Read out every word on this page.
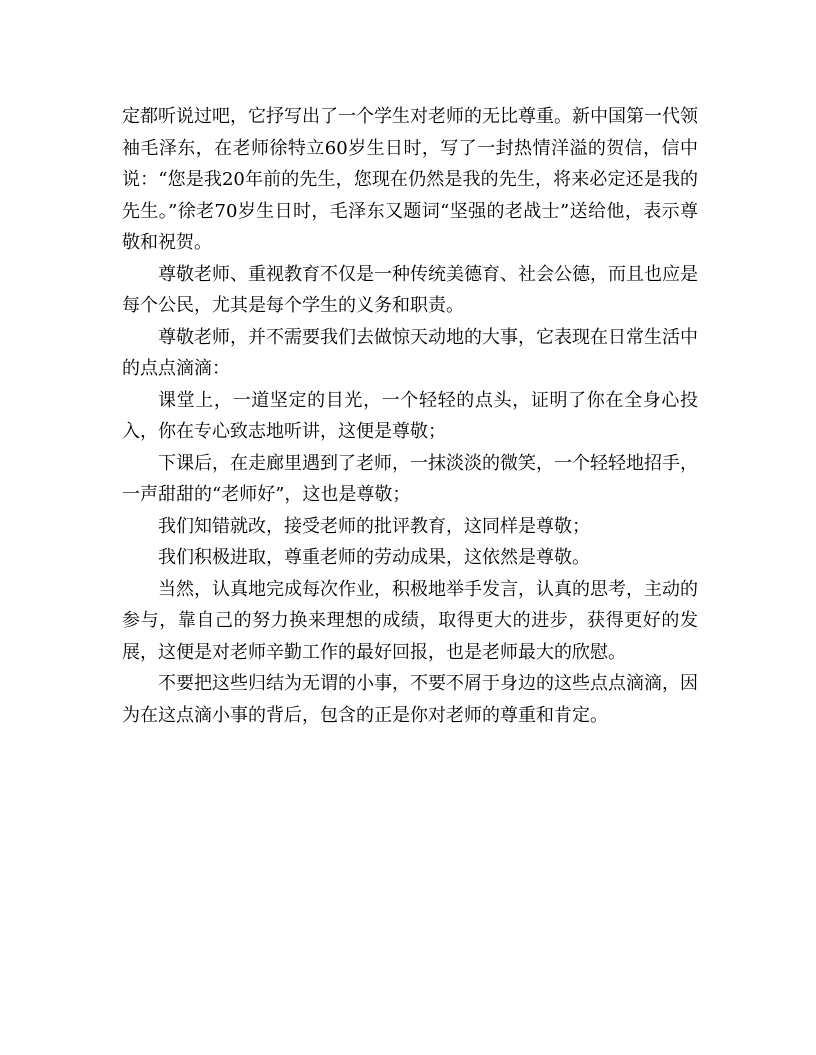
定都听说过吧，它抒写出了一个学生对老师的无比尊重。新中国第一代领袖毛泽东，在老师徐特立60岁生日时，写了一封热情洋溢的贺信，信中说：“您是我20年前的先生，您现在仍然是我的先生，将来必定还是我的先生。”徐老70岁生日时，毛泽东又题词“坚强的老战士”送给他，表示尊敬和祝贺。

尊敬老师、重视教育不仅是一种传统美德育、社会公德，而且也应是每个公民，尤其是每个学生的义务和职责。

尊敬老师，并不需要我们去做惊天动地的大事，它表现在日常生活中的点点滴滴：

课堂上，一道坚定的目光，一个轻轻的点头，证明了你在全身心投入，你在专心致志地听讲，这便是尊敬；

下课后，在走廊里遇到了老师，一抹淡淡的微笑，一个轻轻地招手，一声甜甜的“老师好”，这也是尊敬；

我们知错就改，接受老师的批评教育，这同样是尊敬；

我们积极进取，尊重老师的劳动成果，这依然是尊敬。

当然，认真地完成每次作业，积极地举手发言，认真的思考，主动的参与，靠自己的努力换来理想的成绩，取得更大的进步，获得更好的发展，这便是对老师辛勤工作的最好回报，也是老师最大的欣慰。

不要把这些归结为无谓的小事，不要不屑于身边的这些点点滴滴，因为在这点滴小事的背后，包含的正是你对老师的尊重和肯定。
